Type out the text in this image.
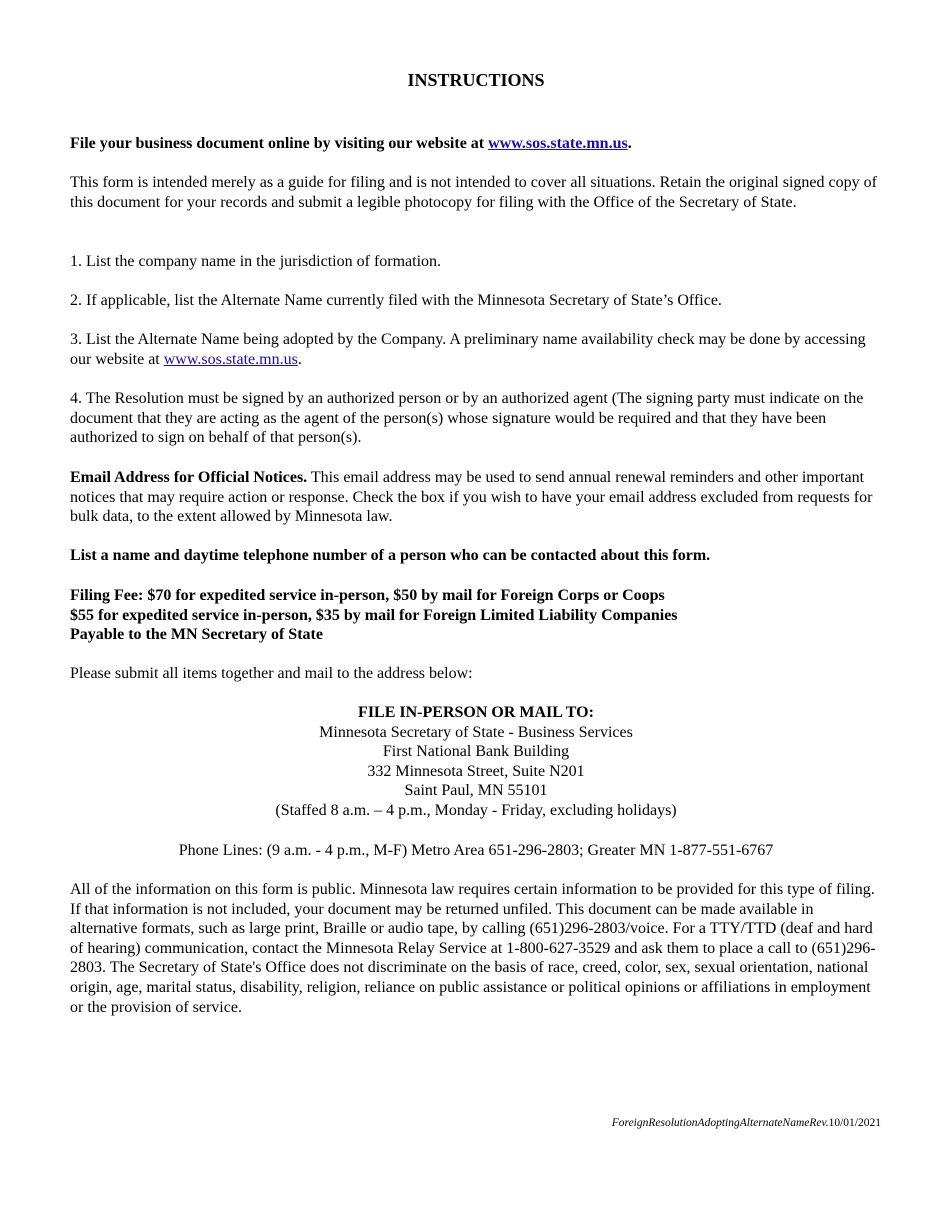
INSTRUCTIONS

File your business document online by visiting our website at www.sos.state.mn.us.

This form is intended merely as a guide for filing and is not intended to cover all situations. Retain the original signed copy of this document for your records and submit a legible photocopy for filing with the Office of the Secretary of State.

1. List the company name in the jurisdiction of formation.

2. If applicable, list the Alternate Name currently filed with the Minnesota Secretary of State’s Office.

3. List the Alternate Name being adopted by the Company. A preliminary name availability check may be done by accessing our website at www.sos.state.mn.us.

4. The Resolution must be signed by an authorized person or by an authorized agent (The signing party must indicate on the document that they are acting as the agent of the person(s) whose signature would be required and that they have been authorized to sign on behalf of that person(s).

Email Address for Official Notices. This email address may be used to send annual renewal reminders and other important notices that may require action or response. Check the box if you wish to have your email address excluded from requests for bulk data, to the extent allowed by Minnesota law.

List a name and daytime telephone number of a person who can be contacted about this form.

Filing Fee: $70 for expedited service in-person, $50 by mail for Foreign Corps or Coops
$55 for expedited service in-person, $35 by mail for Foreign Limited Liability Companies
Payable to the MN Secretary of State

Please submit all items together and mail to the address below:

FILE IN-PERSON OR MAIL TO:
Minnesota Secretary of State - Business Services
First National Bank Building
332 Minnesota Street, Suite N201
Saint Paul, MN 55101
(Staffed 8 a.m. – 4 p.m., Monday - Friday, excluding holidays)

Phone Lines: (9 a.m. - 4 p.m., M-F) Metro Area 651-296-2803; Greater MN 1-877-551-6767

All of the information on this form is public. Minnesota law requires certain information to be provided for this type of filing. If that information is not included, your document may be returned unfiled. This document can be made available in alternative formats, such as large print, Braille or audio tape, by calling (651)296-2803/voice. For a TTY/TTD (deaf and hard of hearing) communication, contact the Minnesota Relay Service at 1-800-627-3529 and ask them to place a call to (651)296-2803. The Secretary of State's Office does not discriminate on the basis of race, creed, color, sex, sexual orientation, national origin, age, marital status, disability, religion, reliance on public assistance or political opinions or affiliations in employment or the provision of service.

ForeignResolutionAdoptingAlternateNameRev.10/01/2021
